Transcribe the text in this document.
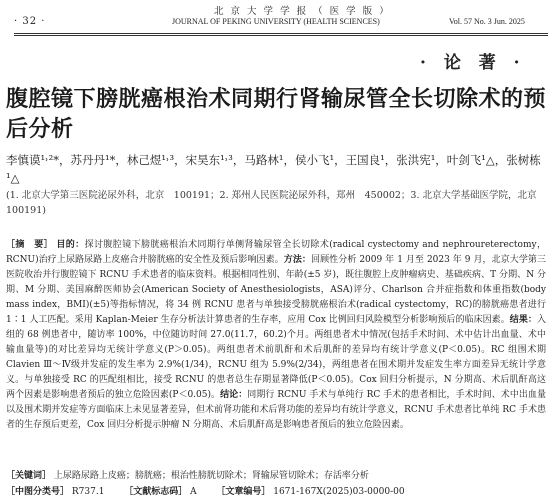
· 32 ·
北 京 大 学 学 报 （ 医 学 版 ）
JOURNAL OF PEKING UNIVERSITY (HEALTH SCIENCES)	Vol. 57 No. 3 Jun. 2025
· 论 著 ·
腹腔镜下膀胱癌根治术同期行肾输尿管全长切除术的预后分析
李慎谟¹˒²*，苏丹丹¹*，林己煜¹˒³，宋昊东¹˒³，马路林¹，侯小飞¹，王国良¹，张洪宪¹，叶剑飞¹△，张树栋¹△
(1. 北京大学第三医院泌尿外科，北京　100191；2. 郑州人民医院泌尿外科，郑州　450002；3. 北京大学基础医学院，北京　100191)
［摘　要］ 目的：探讨腹腔镜下膀胱癌根治术同期行单侧肾输尿管全长切除术(radical cystectomy and nephroureterectomy，RCNU)治疗上尿路尿路上皮癌合并膀胱癌的安全性及预后影响因素。方法：回顾性分析 2009 年 1 月至 2023 年 9 月，北京大学第三医院收治并行腹腔镜下 RCNU 手术患者的临床资料。根据相同性别、年龄(±5 岁)，既往腹腔上皮肿瘤病史、基础疾病、T 分期、N 分期、M 分期、美国麻醉医师协会(American Society of Anesthesiologists，ASA)评分、Charlson 合并症指数和体重指数(body mass index，BMI)(±5)等指标情况，将 34 例 RCNU 患者与单独接受膀胱癌根治术(radical cystectomy，RC)的膀胱癌患者进行 1∶1 人工匹配。采用 Kaplan-Meier 生存分析法计算患者的生存率，应用 Cox 比例回归风险模型分析影响预后的临床因素。结果：入组的 68 例患者中，随访率 100%，中位随访时间 27.0(11.7，60.2)个月。两组患者术中情况(包括手术时间、术中估计出血量、术中输血量等)的对比差异均无统计学意义(P＞0.05)。两组患者术前肌酐和术后肌酐的差异均有统计学意义(P＜0.05)。RC 组围术期 Clavien Ⅲ～Ⅳ级并发症的发生率为 2.9%(1/34)，RCNU 组为 5.9%(2/34)，两组患者在围术期并发症发生率方面差异无统计学意义。与单独接受 RC 的匹配组相比，接受 RCNU 的患者总生存期显著降低(P＜0.05)。Cox 回归分析提示，N 分期高、术后肌酐高这两个因素是影响患者预后的独立危险因素(P＜0.05)。结论：同期行 RCNU 手术与单纯行 RC 手术的患者相比，手术时间、术中出血量以及围术期并发症等方面临床上未见显著差异，但术前肾功能和术后肾功能的差异均有统计学意义，RCNU 手术患者比单纯 RC 手术患者的生存预后更差，Cox 回归分析提示肿瘤 N 分期高、术后肌酐高是影响患者预后的独立危险因素。
［关键词］ 上尿路尿路上皮癌；膀胱癌；根治性膀胱切除术；肾输尿管切除术；存活率分析
［中图分类号］ R737.1 ［文献标志码］ A ［文章编号］ 1671-167X(2025)03-0000-00
